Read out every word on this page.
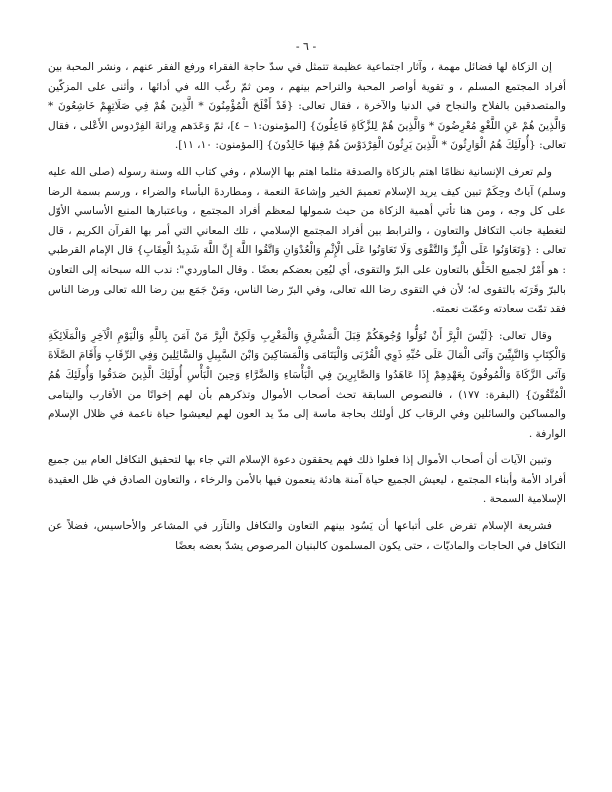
- ٦ -

إن الزكاة لها فضائل مهمة ، وآثار اجتماعية عظيمة تتمثل في سدّ حاجة الفقراء ورفع الفقر عنهم ، ونشر المحبة بين أفراد المجتمع المسلم ، و تقوية أواصر المحبة والتراحم بينهم ، ومن ثمّ رغّب الله في أدائها ، وأثنى على المزكّين والمتصدقين بالفلاح والنجاح في الدنيا والآخرة ، فقال تعالى: {قَدْ أَفْلَحَ الْمُؤْمِنُونَ * الَّذِينَ هُمْ فِي صَلَاتِهِمْ خَاشِعُونَ * وَالَّذِينَ هُمْ عَنِ اللَّغْوِ مُعْرِضُونَ * وَالَّذِينَ هُمْ لِلزَّكَاةِ فَاعِلُونَ} [المؤمنون:١ – ٤]، ثمّ وَعَدَهم وِراثةَ الفِرْدوس الأَعْلى ، فقال تعالى: {أُولَئِكَ هُمُ الْوَارِثُونَ * الَّذِينَ يَرِثُونَ الْفِرْدَوْسَ هُمْ فِيهَا خَالِدُونَ} [المؤمنون: ١٠، ١١].

ولم تعرف الإنسانية نظامًا اهتم بالزكاة والصدقة مثلما اهتم بها الإسلام ، وفي كتاب الله وسنة رسوله (صلى الله عليه وسلم) آياتٌ وحِكَمٌ تبين كيف يريد الإسلام تعميمَ الخير وإشاعةَ النعمة ، ومطاردةَ البأساء والضراء ، ورسم بسمة الرضا على كل وجه ، ومن هنا تأتي أهمية الزكاة من حيث شمولها لمعظم أفراد المجتمع ، وباعتبارها المنبع الأساسي الأوّل لتغطية جانب التكافل والتعاون ، والترابط بين أفراد المجتمع الإسلامي ، تلك المعاني التي أمر بها القرآن الكريم ، قال تعالى : {وَتَعَاوَنُوا عَلَى الْبِرِّ وَالتَّقْوَى وَلَا تَعَاوَنُوا عَلَى الْإِثْمِ وَالْعُدْوَانِ وَاتَّقُوا اللَّهَ إِنَّ اللَّهَ شَدِيدُ الْعِقَابِ} قال الإمام القرطبي : هو أَمْرٌ لجميع الخَلْق بالتعاون على البرّ والتقوى، أي ليُعِن بعضكم بعضًا . وقال الماوردي": ندب الله سبحانه إلى التعاون بالبرّ وقَرَنَه بالتقوى له؛ لأن في التقوى رضا الله تعالى، وفي البرّ رضا الناس، ومَنْ جَمَع بين رضا الله تعالى ورضا الناس فقد تمّت سعادته وعمّت نعمته.

وقال تعالى: {لَيْسَ الْبِرَّ أَنْ تُوَلُّوا وُجُوهَكُمْ قِبَلَ الْمَشْرِقِ وَالْمَغْرِبِ وَلَكِنَّ الْبِرَّ مَنْ آمَنَ بِاللَّهِ وَالْيَوْمِ الْآخِرِ وَالْمَلَائِكَةِ وَالْكِتَابِ وَالنَّبِيِّينَ وَآتَى الْمَالَ عَلَى حُبِّهِ ذَوِي الْقُرْبَى وَالْيَتَامَى وَالْمَسَاكِينَ وَابْنَ السَّبِيلِ وَالسَّائِلِينَ وَفِي الرِّقَابِ وَأَقَامَ الصَّلَاةَ وَآتَى الزَّكَاةَ وَالْمُوفُونَ بِعَهْدِهِمْ إِذَا عَاهَدُوا وَالصَّابِرِينَ فِي الْبَأْسَاءِ وَالضَّرَّاءِ وَحِينَ الْبَأْسِ أُولَئِكَ الَّذِينَ صَدَقُوا وَأُولَئِكَ هُمُ الْمُتَّقُونَ} (البقرة: ١٧٧) ، فالنصوص السابقة تحث أصحاب الأموال وتذكرهم بأن لهم إخوانًا من الأقارب واليتامى والمساكين والسائلين وفي الرقاب كل أولئك بحاجة ماسة إلى مدّ يد العون لهم ليعيشوا حياة ناعمة في ظلال الإسلام الوارفة .

وتبين الآيات أن أصحاب الأموال إذا فعلوا ذلك فهم يحققون دعوة الإسلام التي جاء بها لتحقيق التكافل العام بين جميع أفراد الأمة وأبناء المجتمع ، ليعيش الجميع حياة آمنة هادئة ينعمون فيها بالأمن والرخاء ، والتعاون الصادق في ظل العقيدة الإسلامية السمحة .

فشريعة الإسلام تفرض على أتباعها أن يَسُود بينهم التعاون والتكافل والتآزر في المشاعر والأحاسيس، فضلاً عن التكافل في الحاجات والماديّات ، حتى يكون المسلمون كالبنيان المرصوص يشدّ بعضه بعضًا
